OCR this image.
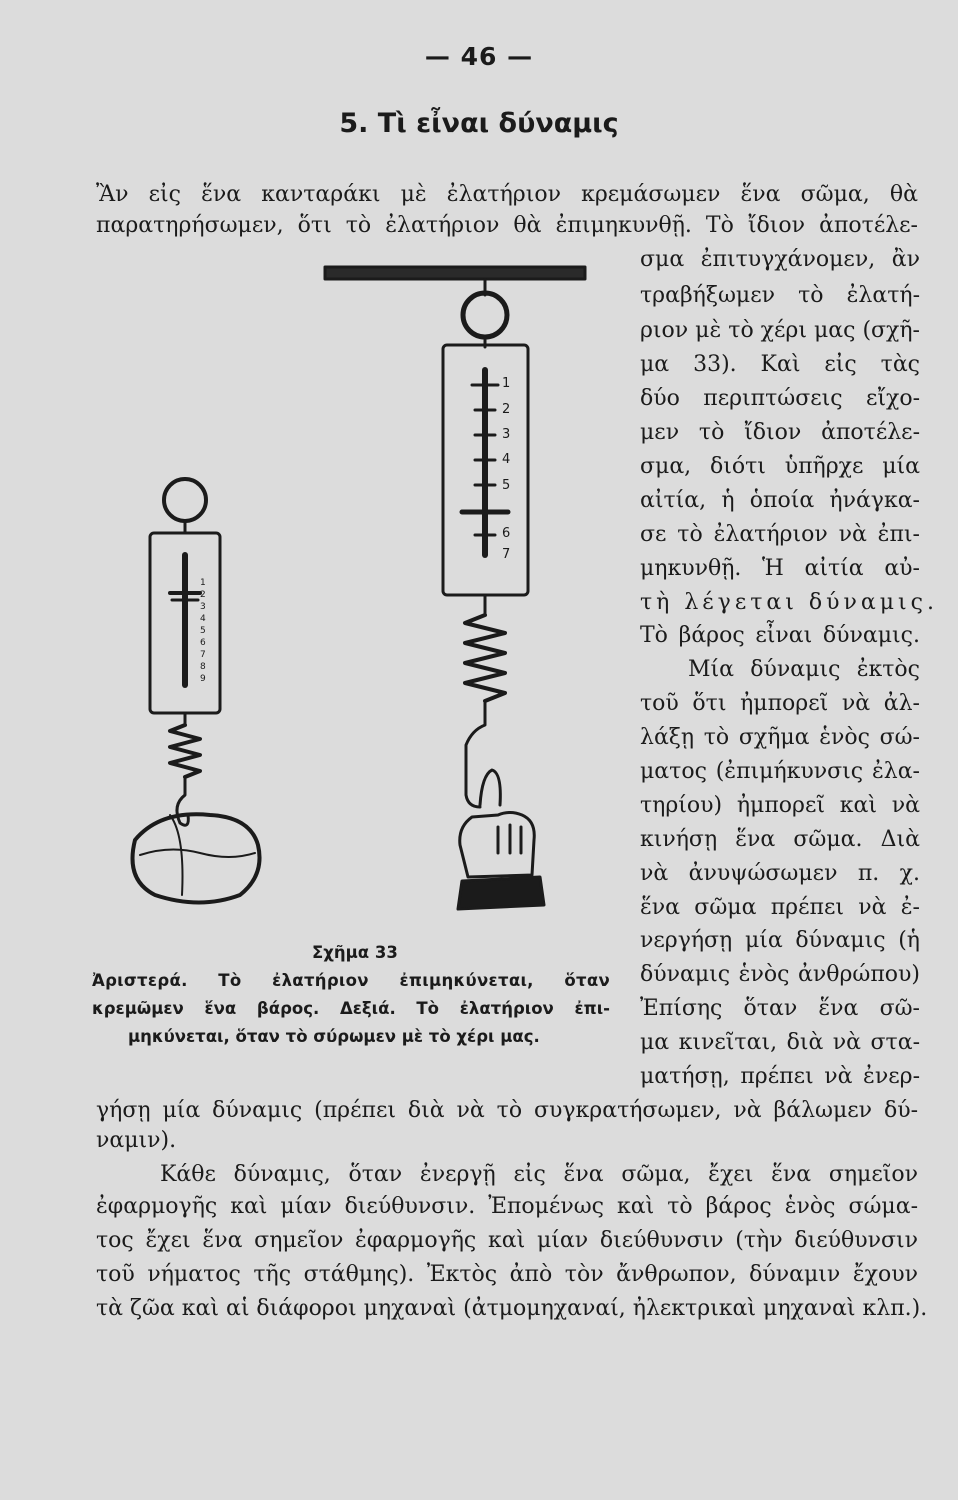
— 46 —
5. Τὶ εἶναι δύναμις
Ἂν εἰς ἕνα κανταράκι μὲ ἐλατήριον κρεμάσωμεν ἕνα σῶμα, θὰ
παρατηρήσωμεν, ὅτι τὸ ἐλατήριον θὰ ἐπιμηκυνθῇ. Τὸ ἴδιον ἀποτέλε-
σμα ἐπιτυγχάνομεν, ἂν
τραβήξωμεν τὸ ἐλατή-
ριον μὲ τὸ χέρι μας (σχῆ-
μα 33). Καὶ εἰς τὰς
δύο περιπτώσεις εἴχο-
μεν τὸ ἴδιον ἀποτέλε-
σμα, διότι ὑπῆρχε μία
αἰτία, ἡ ὁποία ἠνάγκα-
σε τὸ ἐλατήριον νὰ ἐπι-
μηκυνθῇ. Ἡ αἰτία αὐ-
τὴ λέγεται δύναμις.
Τὸ βάρος εἶναι δύναμις.
Μία δύναμις ἐκτὸς
τοῦ ὅτι ἠμπορεῖ νὰ ἀλ-
λάξῃ τὸ σχῆμα ἑνὸς σώ-
ματος (ἐπιμήκυνσις ἐλα-
τηρίου) ἠμπορεῖ καὶ νὰ
κινήσῃ ἕνα σῶμα. Διὰ
νὰ ἀνυψώσωμεν π. χ.
ἕνα σῶμα πρέπει νὰ ἐ-
νεργήσῃ μία δύναμις (ἡ
δύναμις ἑνὸς ἀνθρώπου)
Ἐπίσης ὅταν ἕνα σῶ-
μα κινεῖται, διὰ νὰ στα-
ματήσῃ, πρέπει νὰ ἐνερ-
1
2
3
4
5
6
7
1
2
3
4
5
6
7
8
9
Σχῆμα 33
Ἀριστερά. Τὸ ἐλατήριον ἐπιμηκύνεται, ὅταν
κρεμῶμεν ἕνα βάρος. Δεξιά. Τὸ ἐλατήριον ἐπι-
μηκύνεται, ὅταν τὸ σύρωμεν μὲ τὸ χέρι μας.
γήσῃ μία δύναμις (πρέπει διὰ νὰ τὸ συγκρατήσωμεν, νὰ βάλωμεν δύ-
ναμιν).
Κάθε δύναμις, ὅταν ἐνεργῇ εἰς ἕνα σῶμα, ἔχει ἕνα σημεῖον
ἐφαρμογῆς καὶ μίαν διεύθυνσιν. Ἐπομένως καὶ τὸ βάρος ἑνὸς σώμα-
τος ἔχει ἕνα σημεῖον ἐφαρμογῆς καὶ μίαν διεύθυνσιν (τὴν διεύθυνσιν
τοῦ νήματος τῆς στάθμης). Ἐκτὸς ἀπὸ τὸν ἄνθρωπον, δύναμιν ἔχουν
τὰ ζῶα καὶ αἱ διάφοροι μηχαναὶ (ἀτμομηχαναί, ἠλεκτρικαὶ μηχαναὶ κλπ.).
